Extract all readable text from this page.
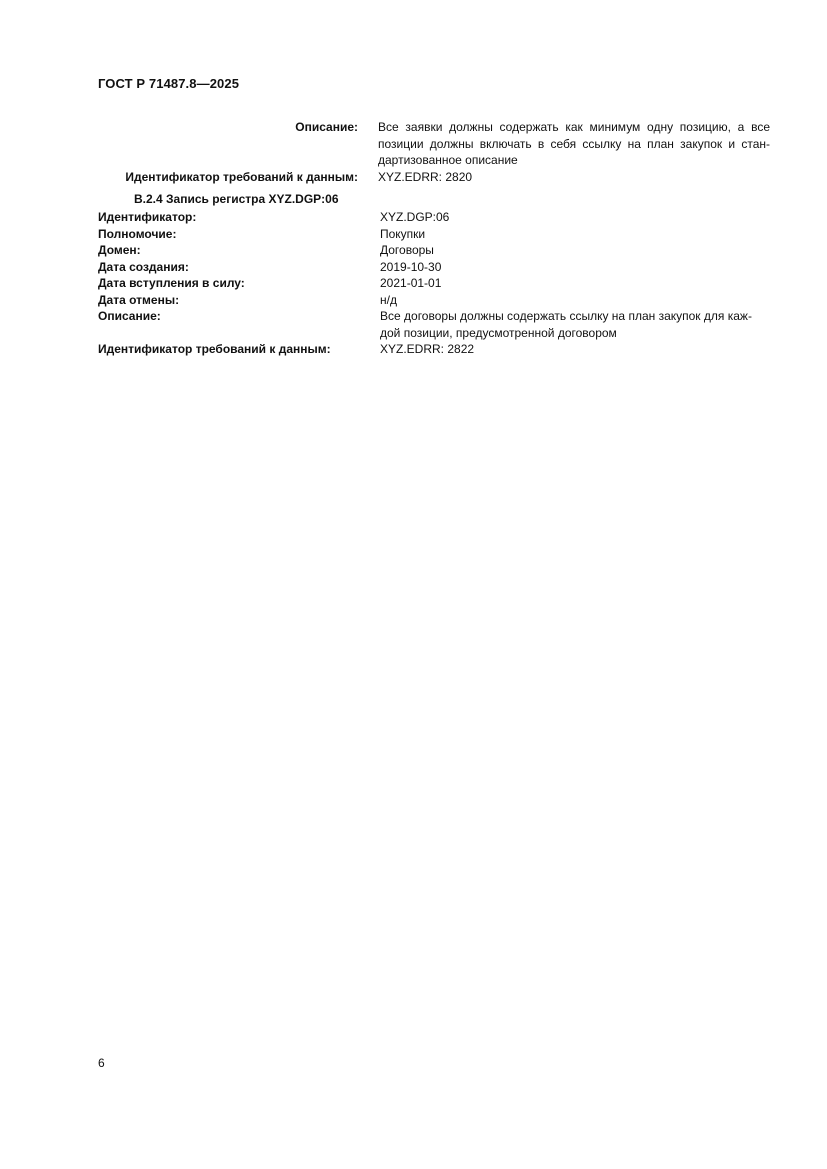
ГОСТ Р 71487.8—2025
Описание: Все заявки должны содержать как минимум одну позицию, а все позиции должны включать в себя ссылку на план закупок и стан-дартизованное описание
Идентификатор требований к данным: XYZ.EDRR: 2820
В.2.4 Запись регистра XYZ.DGP:06
Идентификатор:	XYZ.DGP:06
Полномочие:	Покупки
Домен:	Договоры
Дата создания:	2019-10-30
Дата вступления в силу:	2021-01-01
Дата отмены:	н/д
Описание:	Все договоры должны содержать ссылку на план закупок для каж-дой позиции, предусмотренной договором
Идентификатор требований к данным:	XYZ.EDRR: 2822
6
